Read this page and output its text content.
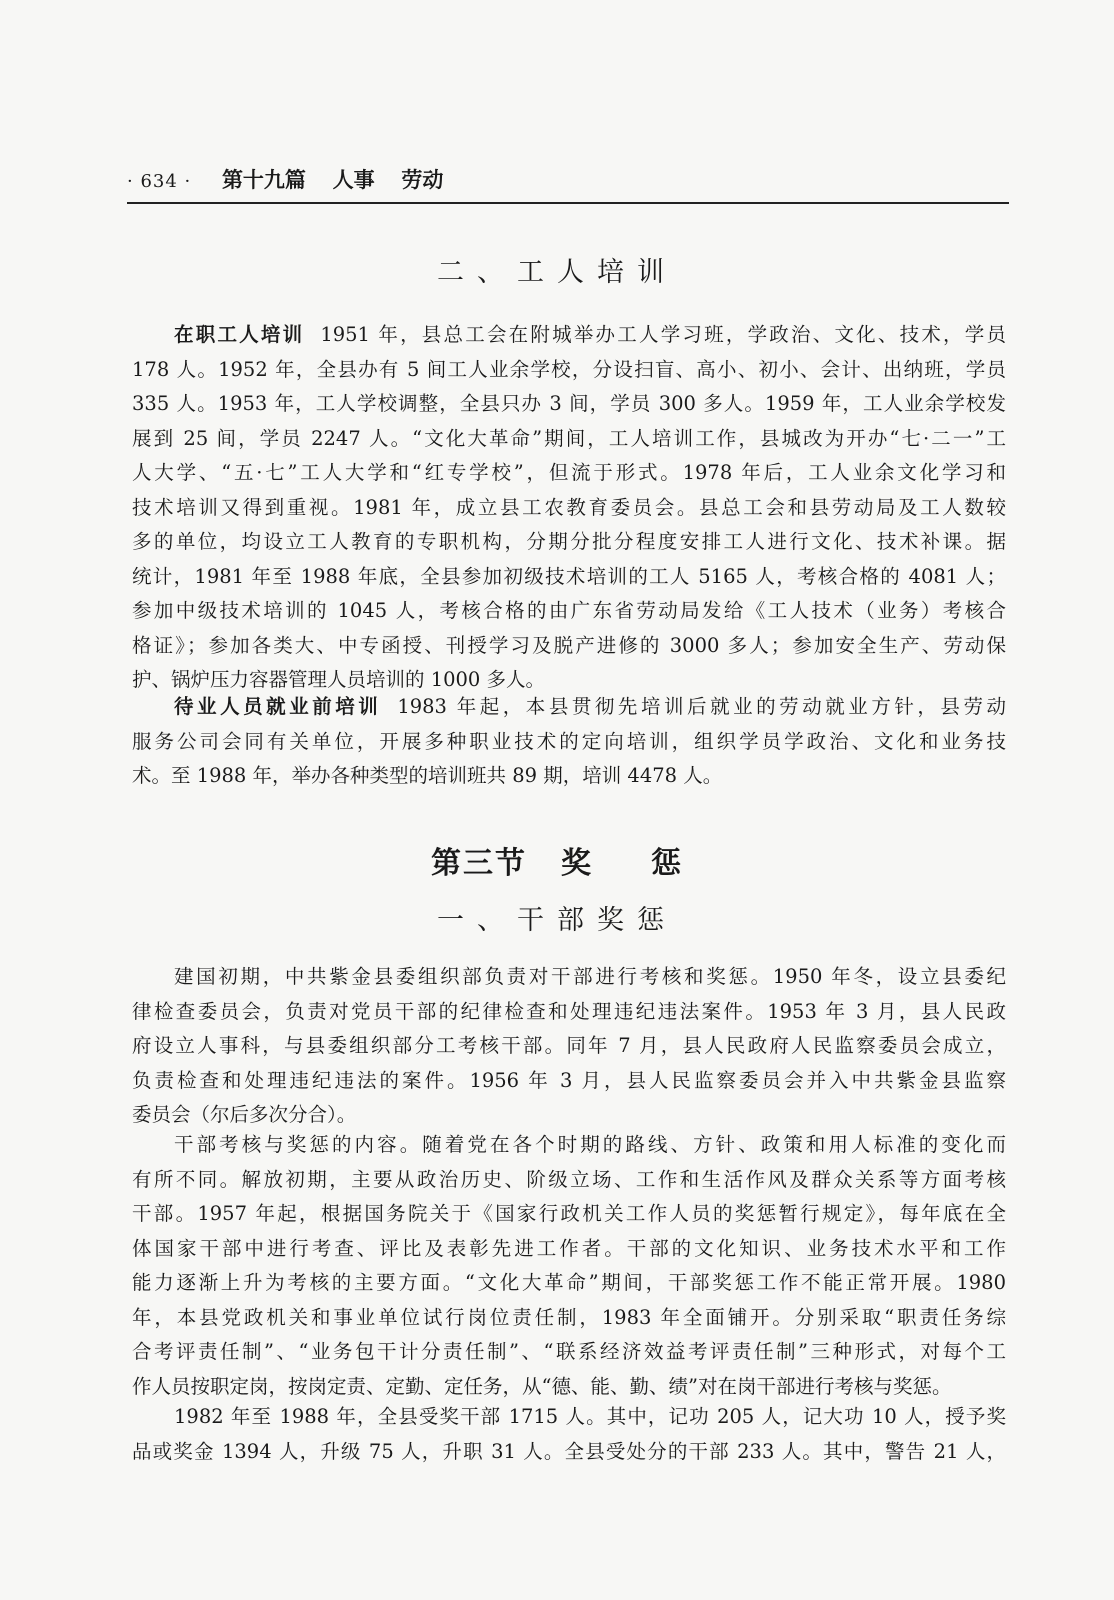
· 634 · 第十九篇 人事 劳动
二、工人培训
在职工人培训 1951 年，县总工会在附城举办工人学习班，学政治、文化、技术，学员
178 人。1952 年，全县办有 5 间工人业余学校，分设扫盲、高小、初小、会计、出纳班，学员
335 人。1953 年，工人学校调整，全县只办 3 间，学员 300 多人。1959 年，工人业余学校发
展到 25 间，学员 2247 人。“文化大革命”期间，工人培训工作，县城改为开办“七·二一”工
人大学、“五·七”工人大学和“红专学校”，但流于形式。1978 年后，工人业余文化学习和
技术培训又得到重视。1981 年，成立县工农教育委员会。县总工会和县劳动局及工人数较
多的单位，均设立工人教育的专职机构，分期分批分程度安排工人进行文化、技术补课。据
统计，1981 年至 1988 年底，全县参加初级技术培训的工人 5165 人，考核合格的 4081 人；
参加中级技术培训的 1045 人，考核合格的由广东省劳动局发给《工人技术（业务）考核合
格证》；参加各类大、中专函授、刊授学习及脱产进修的 3000 多人；参加安全生产、劳动保
护、锅炉压力容器管理人员培训的 1000 多人。
待业人员就业前培训 1983 年起，本县贯彻先培训后就业的劳动就业方针，县劳动
服务公司会同有关单位，开展多种职业技术的定向培训，组织学员学政治、文化和业务技
术。至 1988 年，举办各种类型的培训班共 89 期，培训 4478 人。
第三节 奖 惩
一、干部奖惩
建国初期，中共紫金县委组织部负责对干部进行考核和奖惩。1950 年冬，设立县委纪
律检查委员会，负责对党员干部的纪律检查和处理违纪违法案件。1953 年 3 月，县人民政
府设立人事科，与县委组织部分工考核干部。同年 7 月，县人民政府人民监察委员会成立，
负责检查和处理违纪违法的案件。1956 年 3 月，县人民监察委员会并入中共紫金县监察
委员会（尔后多次分合）。
干部考核与奖惩的内容。随着党在各个时期的路线、方针、政策和用人标准的变化而
有所不同。解放初期，主要从政治历史、阶级立场、工作和生活作风及群众关系等方面考核
干部。1957 年起，根据国务院关于《国家行政机关工作人员的奖惩暂行规定》，每年底在全
体国家干部中进行考查、评比及表彰先进工作者。干部的文化知识、业务技术水平和工作
能力逐渐上升为考核的主要方面。“文化大革命”期间，干部奖惩工作不能正常开展。1980
年，本县党政机关和事业单位试行岗位责任制，1983 年全面铺开。分别采取“职责任务综
合考评责任制”、“业务包干计分责任制”、“联系经济效益考评责任制”三种形式，对每个工
作人员按职定岗，按岗定责、定勤、定任务，从“德、能、勤、绩”对在岗干部进行考核与奖惩。
1982 年至 1988 年，全县受奖干部 1715 人。其中，记功 205 人，记大功 10 人，授予奖
品或奖金 1394 人，升级 75 人，升职 31 人。全县受处分的干部 233 人。其中，警告 21 人，
